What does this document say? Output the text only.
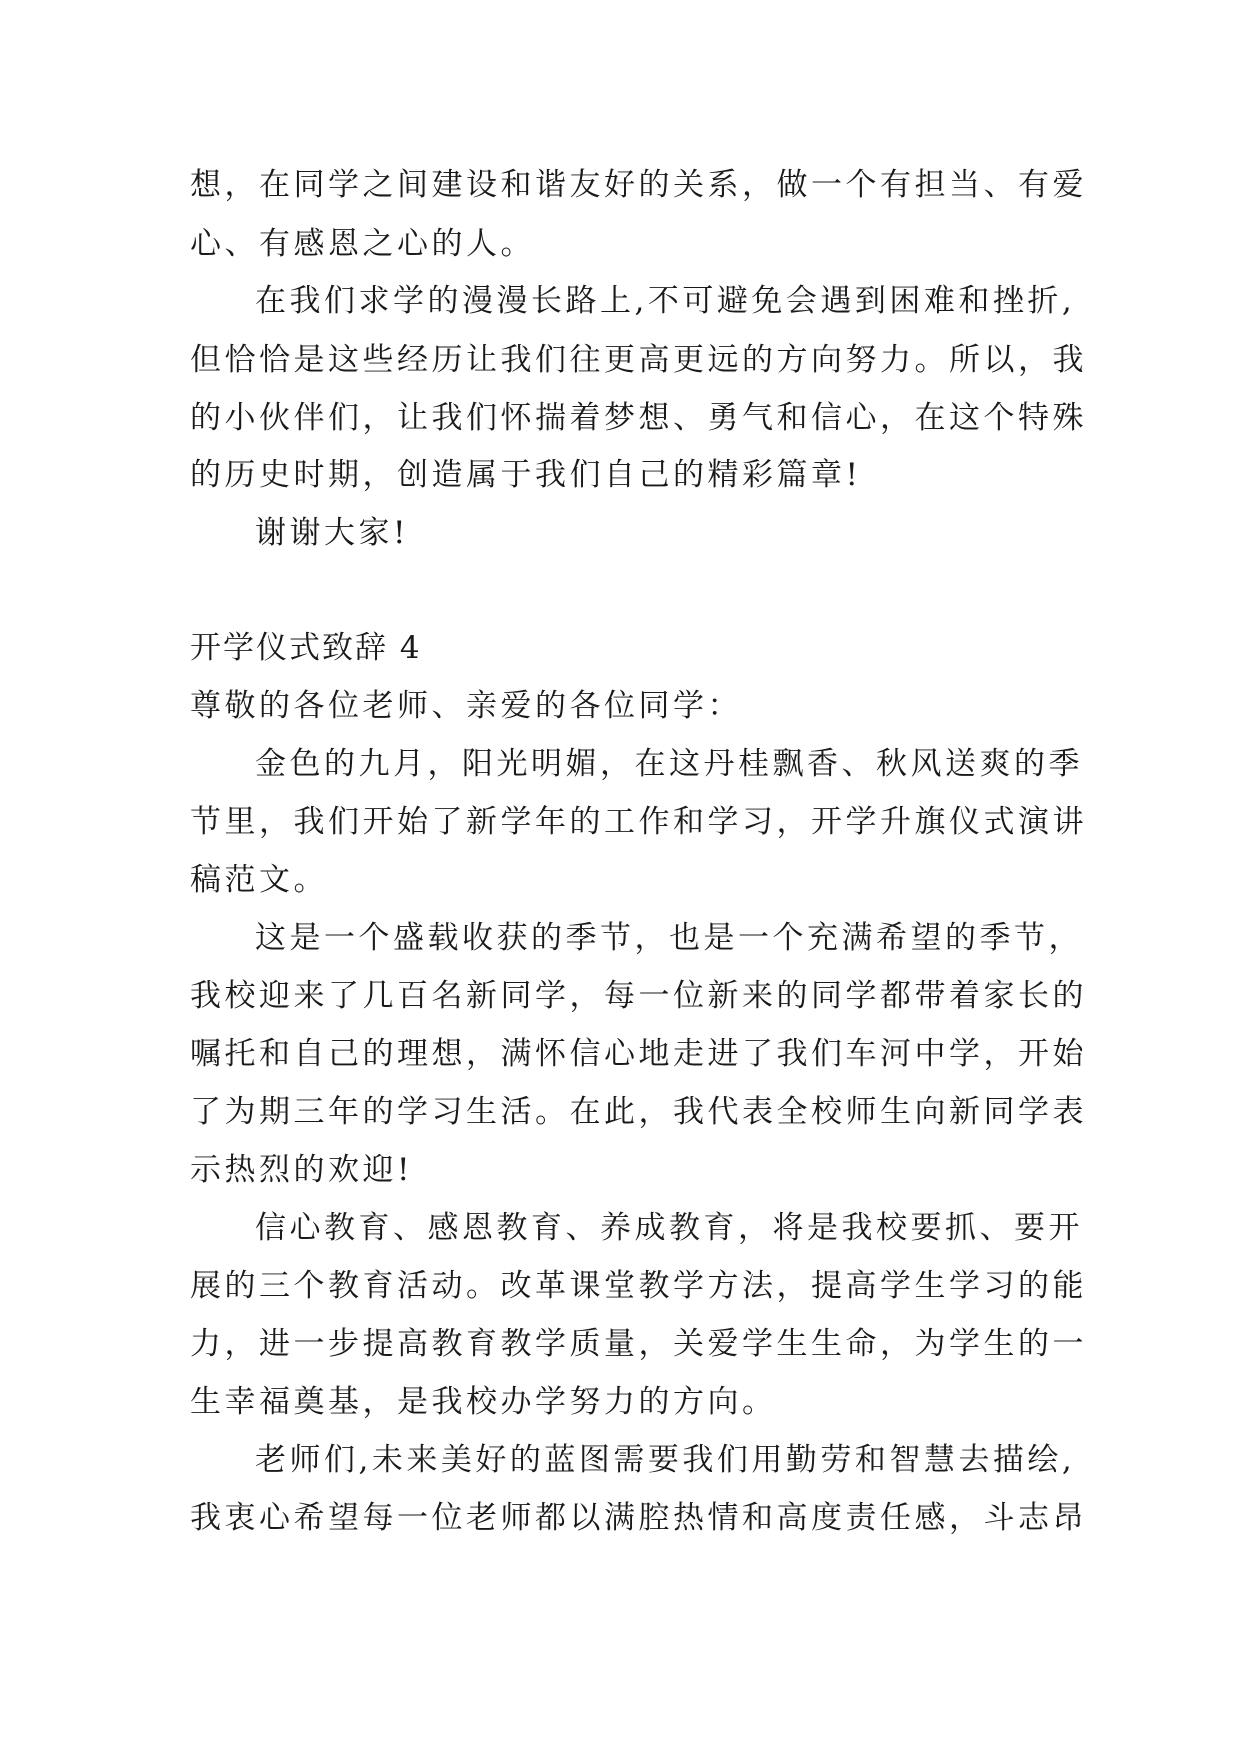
想，在同学之间建设和谐友好的关系，做一个有担当、有爱
心、有感恩之心的人。
在我们求学的漫漫长路上,不可避免会遇到困难和挫折,
但恰恰是这些经历让我们往更高更远的方向努力。所以，我
的小伙伴们，让我们怀揣着梦想、勇气和信心，在这个特殊
的历史时期，创造属于我们自己的精彩篇章!
谢谢大家!
开学仪式致辞 4
尊敬的各位老师、亲爱的各位同学：
金色的九月，阳光明媚，在这丹桂飘香、秋风送爽的季
节里，我们开始了新学年的工作和学习，开学升旗仪式演讲
稿范文。
这是一个盛载收获的季节，也是一个充满希望的季节，
我校迎来了几百名新同学，每一位新来的同学都带着家长的
嘱托和自己的理想，满怀信心地走进了我们车河中学，开始
了为期三年的学习生活。在此，我代表全校师生向新同学表
示热烈的欢迎!
信心教育、感恩教育、养成教育，将是我校要抓、要开
展的三个教育活动。改革课堂教学方法，提高学生学习的能
力，进一步提高教育教学质量，关爱学生生命，为学生的一
生幸福奠基，是我校办学努力的方向。
老师们,未来美好的蓝图需要我们用勤劳和智慧去描绘,
我衷心希望每一位老师都以满腔热情和高度责任感，斗志昂
